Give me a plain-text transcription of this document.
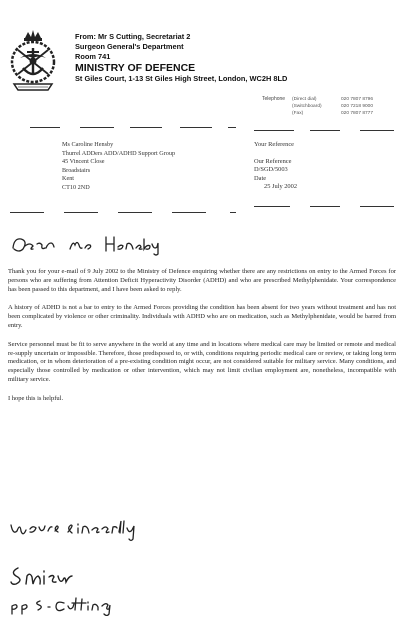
From: Mr S Cutting, Secretariat 2
Surgeon General's Department
Room 741
MINISTRY OF DEFENCE
St Giles Court, 1-13 St Giles High Street, London, WC2H 8LD
Telephone (Direct dial)
(Switchboard)
(Fax)
020 7807 8796
020 7218 9000
020 7807 8777
Ms Caroline Hensby
Thurrel ADDers ADD/ADHD Support Group
45 Vincent Close
Broadstairs
Kent
CT10 2ND
Your Reference
Our Reference
D/SGD/5003
Date
25 July 2002

Thank you for your e-mail of 9 July 2002 to the Ministry of Defence enquiring whether there are any restrictions on entry to the Armed Forces for persons who are suffering from Attention Deficit Hyperactivity Disorder (ADHD) and who are prescribed Methylphenidate. Your correspondence has been passed to this department, and I have been asked to reply.

A history of ADHD is not a bar to entry to the Armed Forces providing the condition has been absent for two years without treatment and has not been complicated by violence or other criminality. Individuals with ADHD who are on medication, such as Methylphenidate, would be barred from entry.

Service personnel must be fit to serve anywhere in the world at any time and in locations where medical care may be limited or remote and medical re-supply uncertain or impossible. Therefore, those predisposed to, or with, conditions requiring periodic medical care or review, or taking long term medication, or in whom deterioration of a pre-existing condition might occur, are not considered suitable for military service. Many conditions, and especially those controlled by medication or other intervention, which may not limit civilian employment are, nonetheless, incompatible with military service.

I hope this is helpful.
